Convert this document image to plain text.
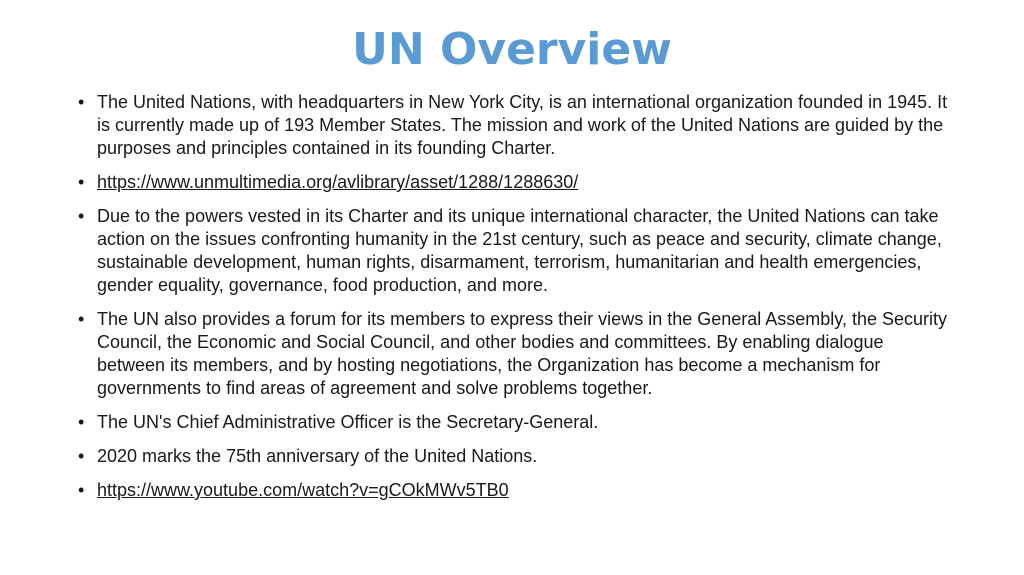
UN Overview
• The United Nations, with headquarters in New York City, is an international organization founded in 1945. It is currently made up of 193 Member States. The mission and work of the United Nations are guided by the purposes and principles contained in its founding Charter.
• https://www.unmultimedia.org/avlibrary/asset/1288/1288630/
• Due to the powers vested in its Charter and its unique international character, the United Nations can take action on the issues confronting humanity in the 21st century, such as peace and security, climate change, sustainable development, human rights, disarmament, terrorism, humanitarian and health emergencies, gender equality, governance, food production, and more.
• The UN also provides a forum for its members to express their views in the General Assembly, the Security Council, the Economic and Social Council, and other bodies and committees. By enabling dialogue between its members, and by hosting negotiations, the Organization has become a mechanism for governments to find areas of agreement and solve problems together.
• The UN's Chief Administrative Officer is the Secretary-General.
• 2020 marks the 75th anniversary of the United Nations.
• https://www.youtube.com/watch?v=gCOkMWv5TB0
